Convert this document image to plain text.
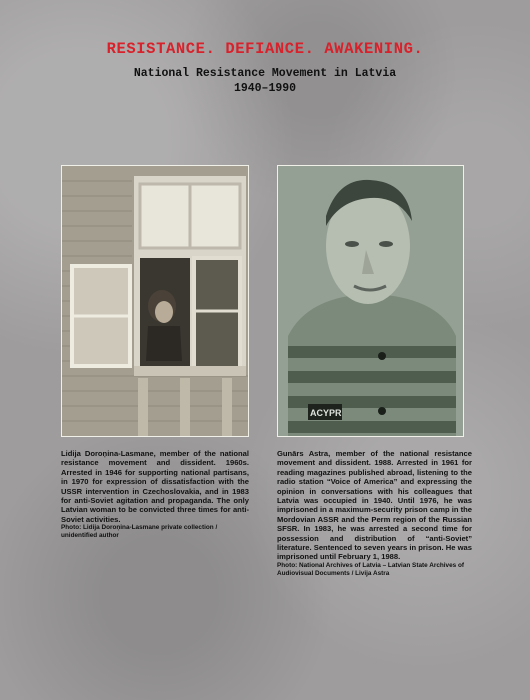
RESISTANCE. DEFIANCE. AWAKENING.
National Resistance Movement in Latvia
1940–1990
ACYPR
Lidija Doroņina-Lasmane, member of the national resistance movement and dissident. 1960s. Arrested in 1946 for supporting national partisans, in 1970 for expression of dissatisfaction with the USSR intervention in Czechoslovakia, and in 1983 for anti-Soviet agitation and propaganda. The only Latvian woman to be convicted three times for anti-Soviet activities.
Photo: Lidija Doroņina-Lasmane private collection / unidentified author
Gunārs Astra, member of the national resistance movement and dissident. 1988. Arrested in 1961 for reading magazines published abroad, listening to the radio station “Voice of America” and expressing the opinion in conversations with his colleagues that Latvia was occupied in 1940. Until 1976, he was imprisoned in a maximum-security prison camp in the Mordovian ASSR and the Perm region of the Russian SFSR. In 1983, he was arrested a second time for possession and distribution of “anti-Soviet” literature. Sentenced to seven years in prison. He was imprisoned until February 1, 1988.
Photo: National Archives of Latvia – Latvian State Archives of Audiovisual Documents / Livija Astra
